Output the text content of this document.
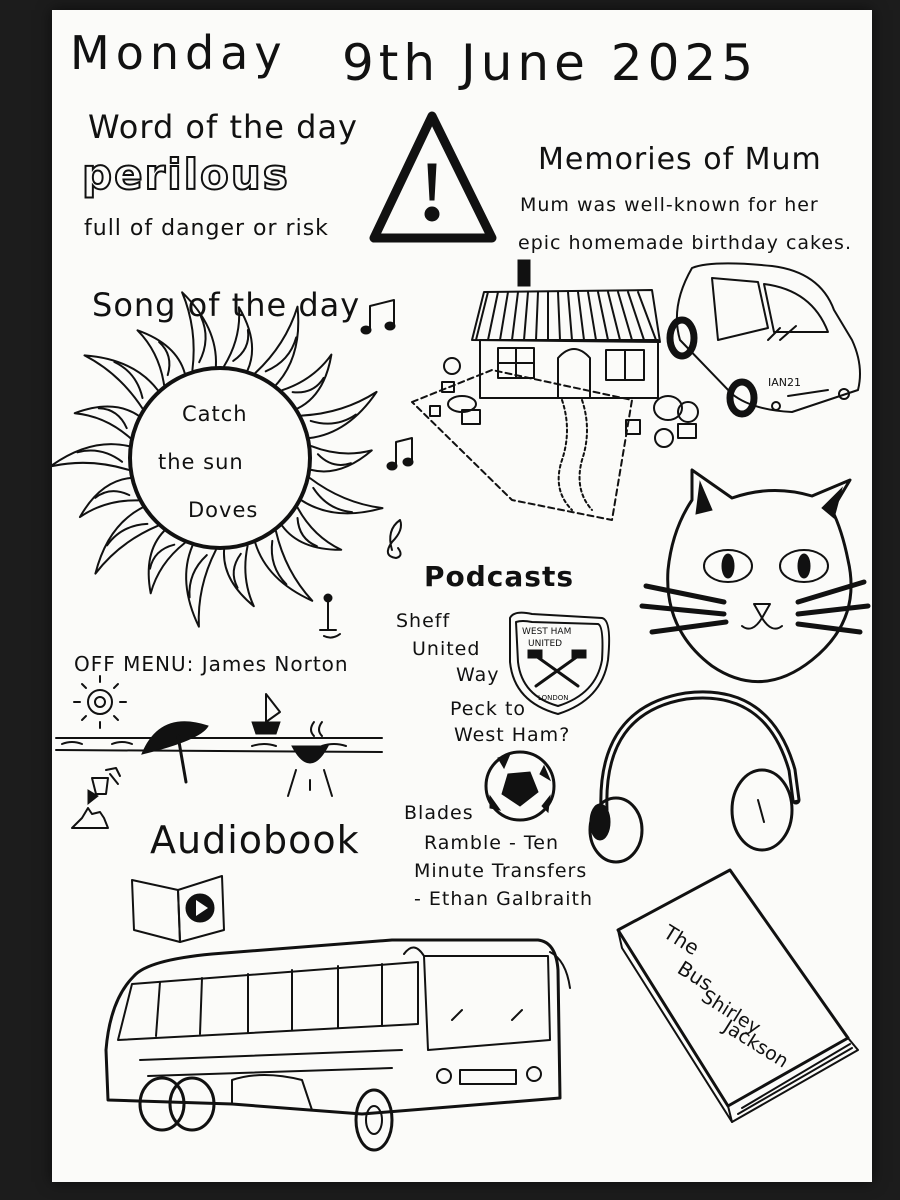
Monday 9th June 2025
Word of the day
perilous
full of danger or risk
Memories of Mum
Mum was well-known for her
epic homemade birthday cakes.
Song of the day
Catch
the sun
Doves
OFF MENU: James Norton
Podcasts
Sheff
United
Way
Peck to
West Ham?
Blades
Ramble - Ten
Minute Transfers
- Ethan Galbraith
Audiobook
IAN21
WEST HAM
UNITED
LONDON
The
Bus
Shirley
Jackson
